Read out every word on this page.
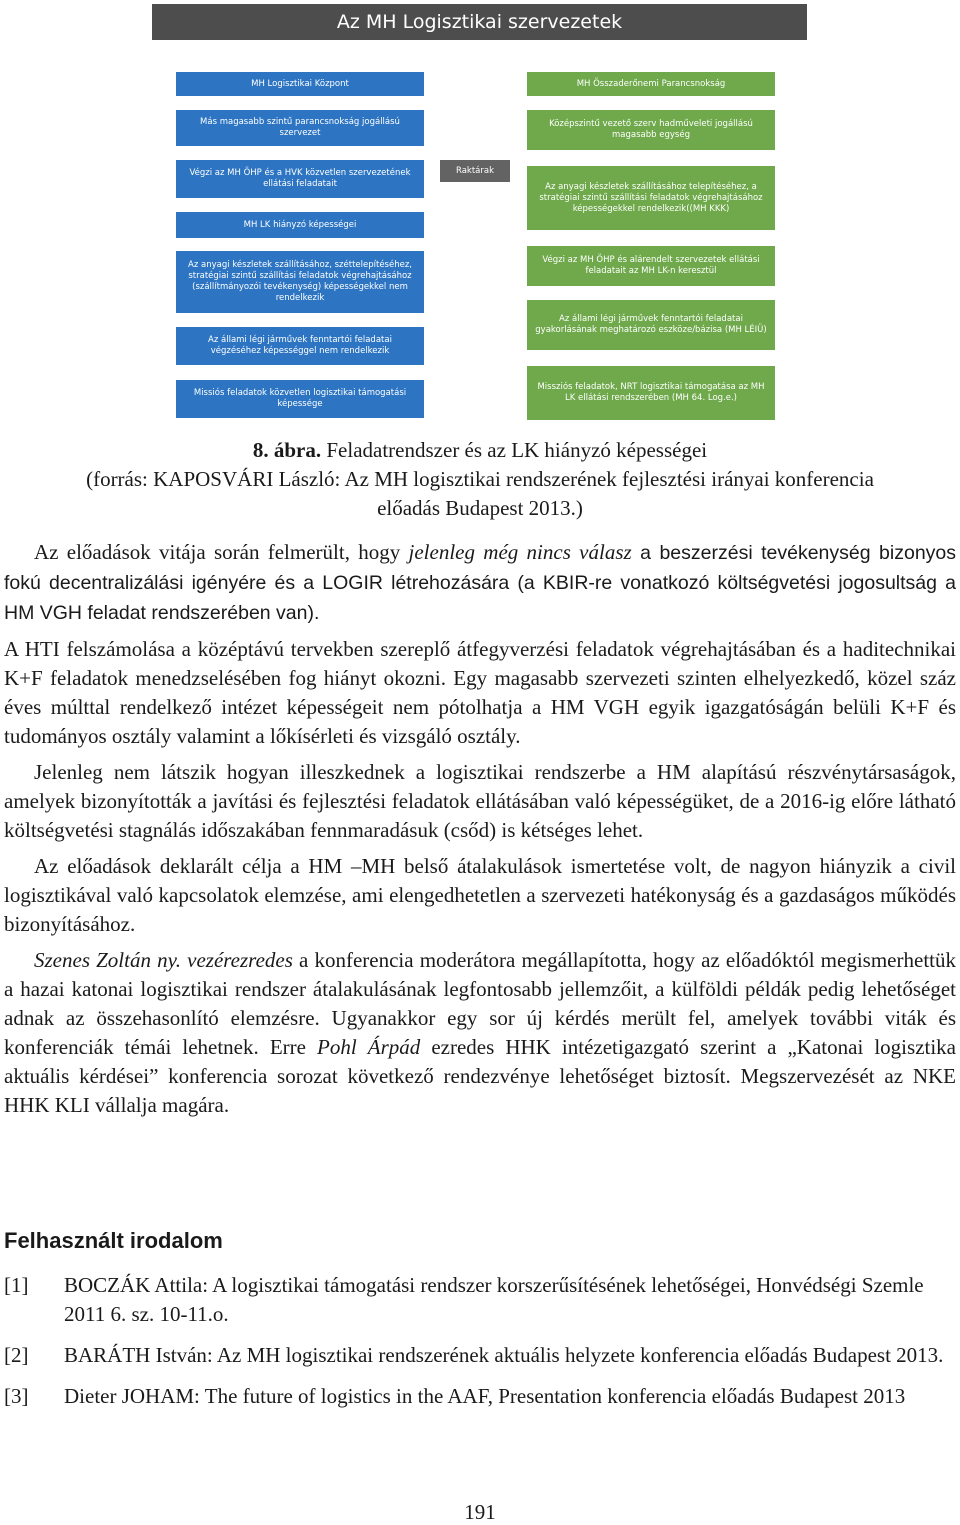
Az MH Logisztikai szervezetek
MH Logisztikai Központ
Más magasabb szintű parancsnokság jogállású szervezet
Végzi az MH ÖHP és a HVK közvetlen szervezetének ellátási feladatait
MH LK hiányzó képességei
Az anyagi készletek szállításához, széttelepítéséhez, stratégiai szintű szállítási feladatok végrehajtásához (szállítmányozói tevékenység) képességekkel nem rendelkezik
Az állami légi járművek fenntartói feladatai végzéséhez képességgel nem rendelkezik
Missiós feladatok közvetlen logisztikai támogatási képessége
Raktárak
MH Összaderőnemi Parancsnokság
Középszintű vezető szerv hadműveleti jogállású magasabb egység
Az anyagi készletek szállításához telepítéséhez, a stratégiai szintű szállítási feladatok végrehajtásához képességekkel rendelkezik((MH KKK)
Végzi az MH ÖHP és alárendelt szervezetek ellátási feladatait az MH LK-n keresztül
Az állami légi járművek fenntartói feladatai gyakorlásának meghatározó eszköze/bázisa (MH LÉIÜ)
Missziós feladatok, NRT logisztikai támogatása az MH LK ellátási rendszerében (MH 64. Log.e.)
8. ábra. Feladatrendszer és az LK hiányzó képességei
(forrás: KAPOSVÁRI László: Az MH logisztikai rendszerének fejlesztési irányai konferencia
előadás Budapest 2013.)

Az előadások vitája során felmerült, hogy jelenleg még nincs válasz a beszerzési tevékenység bizonyos fokú decentralizálási igényére és a LOGIR létrehozására (a KBIR-re vonatkozó költségvetési jogosultság a HM VGH feladat rendszerében van).

A HTI felszámolása a középtávú tervekben szereplő átfegyverzési feladatok végrehajtásában és a haditechnikai K+F feladatok menedzselésében fog hiányt okozni. Egy magasabb szervezeti szinten elhelyezkedő, közel száz éves múlttal rendelkező intézet képességeit nem pótolhatja a HM VGH egyik igazgatóságán belüli K+F és tudományos osztály valamint a lőkísérleti és vizsgáló osztály.

Jelenleg nem látszik hogyan illeszkednek a logisztikai rendszerbe a HM alapítású részvénytársaságok, amelyek bizonyították a javítási és fejlesztési feladatok ellátásában való képességüket, de a 2016-ig előre látható költségvetési stagnálás időszakában fennmaradásuk (csőd) is kétséges lehet.

Az előadások deklarált célja a HM –MH belső átalakulások ismertetése volt, de nagyon hiányzik a civil logisztikával való kapcsolatok elemzése, ami elengedhetetlen a szervezeti hatékonyság és a gazdaságos működés bizonyításához.

Szenes Zoltán ny. vezérezredes a konferencia moderátora megállapította, hogy az előadóktól megismerhettük a hazai katonai logisztikai rendszer átalakulásának legfontosabb jellemzőit, a külföldi példák pedig lehetőséget adnak az összehasonlító elemzésre. Ugyanakkor egy sor új kérdés merült fel, amelyek további viták és konferenciák témái lehetnek. Erre Pohl Árpád ezredes HHK intézetigazgató szerint a „Katonai logisztika aktuális kérdései” konferencia sorozat következő rendezvénye lehetőséget biztosít. Megszervezését az NKE HHK KLI vállalja magára.

Felhasznált irodalom
[1]	BOCZÁK Attila: A logisztikai támogatási rendszer korszerűsítésének lehetőségei, Honvédségi Szemle 2011 6. sz. 10-11.o.
[2]	BARÁTH István: Az MH logisztikai rendszerének aktuális helyzete konferencia előadás Budapest 2013.
[3]	Dieter JOHAM: The future of logistics in the AAF, Presentation konferencia előadás Budapest 2013
191
